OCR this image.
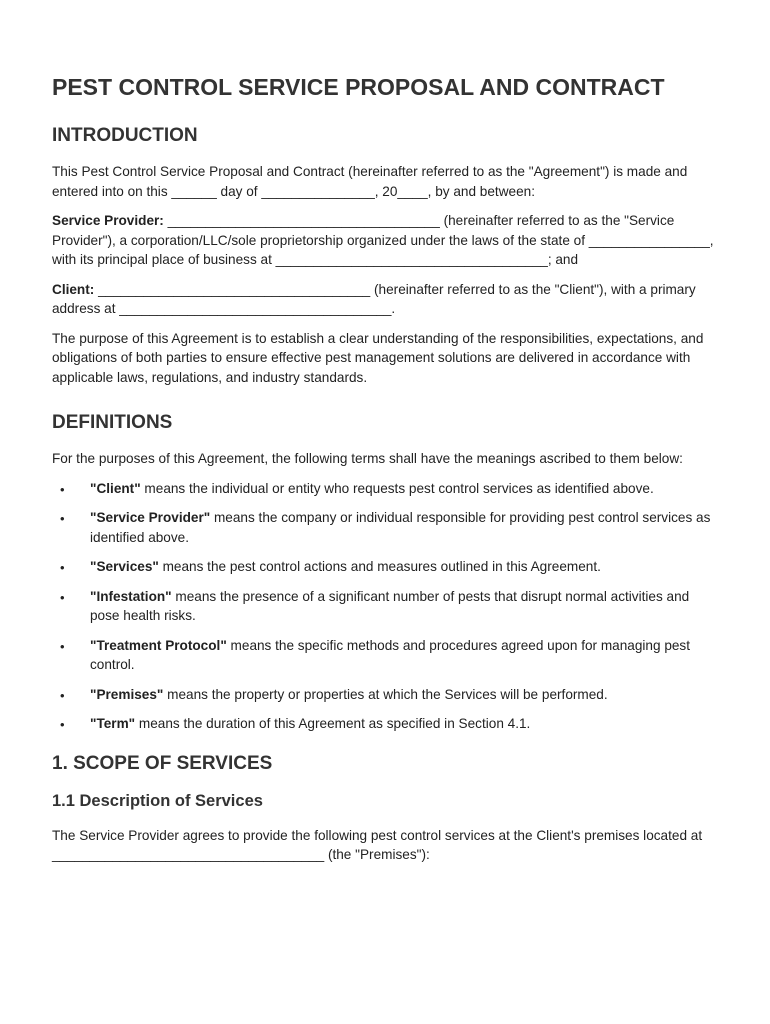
PEST CONTROL SERVICE PROPOSAL AND CONTRACT
INTRODUCTION

This Pest Control Service Proposal and Contract (hereinafter referred to as the "Agreement") is made and entered into on this ______ day of _______________, 20____, by and between:

Service Provider: ____________________________________ (hereinafter referred to as the "Service Provider"), a corporation/LLC/sole proprietorship organized under the laws of the state of ________________, with its principal place of business at ____________________________________; and

Client: ____________________________________ (hereinafter referred to as the "Client"), with a primary address at ____________________________________.

The purpose of this Agreement is to establish a clear understanding of the responsibilities, expectations, and obligations of both parties to ensure effective pest management solutions are delivered in accordance with applicable laws, regulations, and industry standards.

DEFINITIONS

For the purposes of this Agreement, the following terms shall have the meanings ascribed to them below:

• "Client" means the individual or entity who requests pest control services as identified above.
• "Service Provider" means the company or individual responsible for providing pest control services as identified above.
• "Services" means the pest control actions and measures outlined in this Agreement.
• "Infestation" means the presence of a significant number of pests that disrupt normal activities and pose health risks.
• "Treatment Protocol" means the specific methods and procedures agreed upon for managing pest control.
• "Premises" means the property or properties at which the Services will be performed.
• "Term" means the duration of this Agreement as specified in Section 4.1.
1. SCOPE OF SERVICES
1.1 Description of Services

The Service Provider agrees to provide the following pest control services at the Client's premises located at ____________________________________ (the "Premises"):
